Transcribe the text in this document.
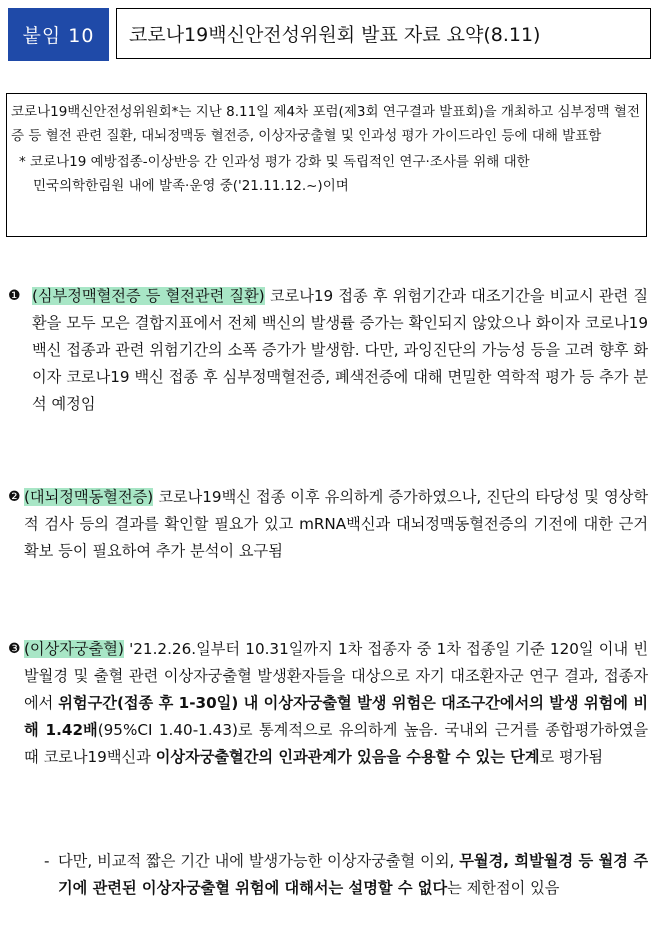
붙임 10	코로나19백신안전성위원회 발표 자료 요약(8.11)

코로나19백신안전성위원회*는 지난 8.11일 제4차 포럼(제3회 연구결과 발표회)을 개최하고 심부정맥 혈전증 등 혈전 관련 질환, 대뇌정맥동 혈전증, 이상자궁출혈 및 인과성 평가 가이드라인 등에 대해 발표함

* 코로나19 예방접종-이상반응 간 인과성 평가 강화 및 독립적인 연구·조사를 위해 대한

민국의학한림원 내에 발족·운영 중('21.11.12.~)이며

❶ (심부정맥혈전증 등 혈전관련 질환) 코로나19 접종 후 위험기간과 대조기간을 비교시 관련 질환을 모두 모은 결합지표에서 전체 백신의 발생률 증가는 확인되지 않았으나 화이자 코로나19 백신 접종과 관련 위험기간의 소폭 증가가 발생함. 다만, 과잉진단의 가능성 등을 고려 향후 화이자 코로나19 백신 접종 후 심부정맥혈전증, 폐색전증에 대해 면밀한 역학적 평가 등 추가 분석 예정임
❷ (대뇌정맥동혈전증) 코로나19백신 접종 이후 유의하게 증가하였으나, 진단의 타당성 및 영상학적 검사 등의 결과를 확인할 필요가 있고 mRNA백신과 대뇌정맥동혈전증의 기전에 대한 근거 확보 등이 필요하여 추가 분석이 요구됨
❸ (이상자궁출혈) '21.2.26.일부터 10.31일까지 1차 접종자 중 1차 접종일 기준 120일 이내 빈발월경 및 출혈 관련 이상자궁출혈 발생환자들을 대상으로 자기 대조환자군 연구 결과, 접종자에서 위험구간(접종 후 1-30일) 내 이상자궁출혈 발생 위험은 대조구간에서의 발생 위험에 비해 1.42배(95%CI 1.40-1.43)로 통계적으로 유의하게 높음. 국내외 근거를 종합평가하였을 때 코로나19백신과 이상자궁출혈간의 인과관계가 있음을 수용할 수 있는 단계로 평가됨
- 다만, 비교적 짧은 기간 내에 발생가능한 이상자궁출혈 이외, 무월경, 희발월경 등 월경 주기에 관련된 이상자궁출혈 위험에 대해서는 설명할 수 없다는 제한점이 있음
